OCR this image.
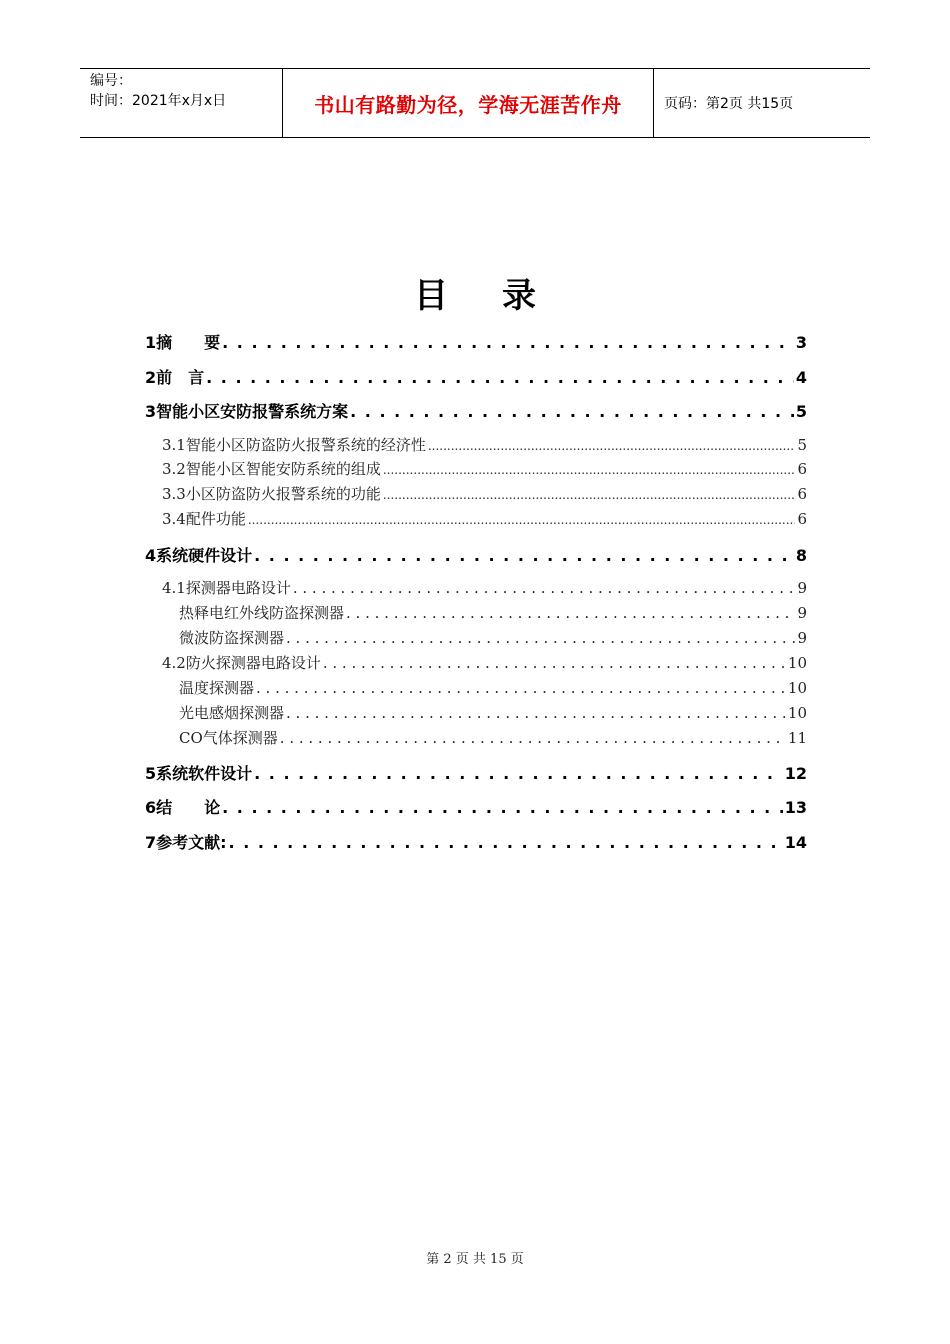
编号：
时间：2021年x月x日	书山有路勤为径，学海无涯苦作舟	页码：第2页 共15页
目录
1摘　　要 . . .	3
2前　言 . . .	4
3智能小区安防报警系统方案 . . .	5
3.1智能小区防盗防火报警系统的经济性 .....	5
3.2智能小区智能安防系统的组成 .....	6
3.3小区防盗防火报警系统的功能 .....	6
3.4配件功能 .....	6
4系统硬件设计 . . .	8
4.1探测器电路设计 . . .	9
热释电红外线防盗探测器 . . .	9
微波防盗探测器 . . .	9
4.2防火探测器电路设计 . . .	10
温度探测器 . . .	10
光电感烟探测器 . . .	10
CO气体探测器 . . .	11
5系统软件设计 . . .	12
6结　　论 . . .	13
7参考文献: . . .	14
第 2 页 共 15 页
